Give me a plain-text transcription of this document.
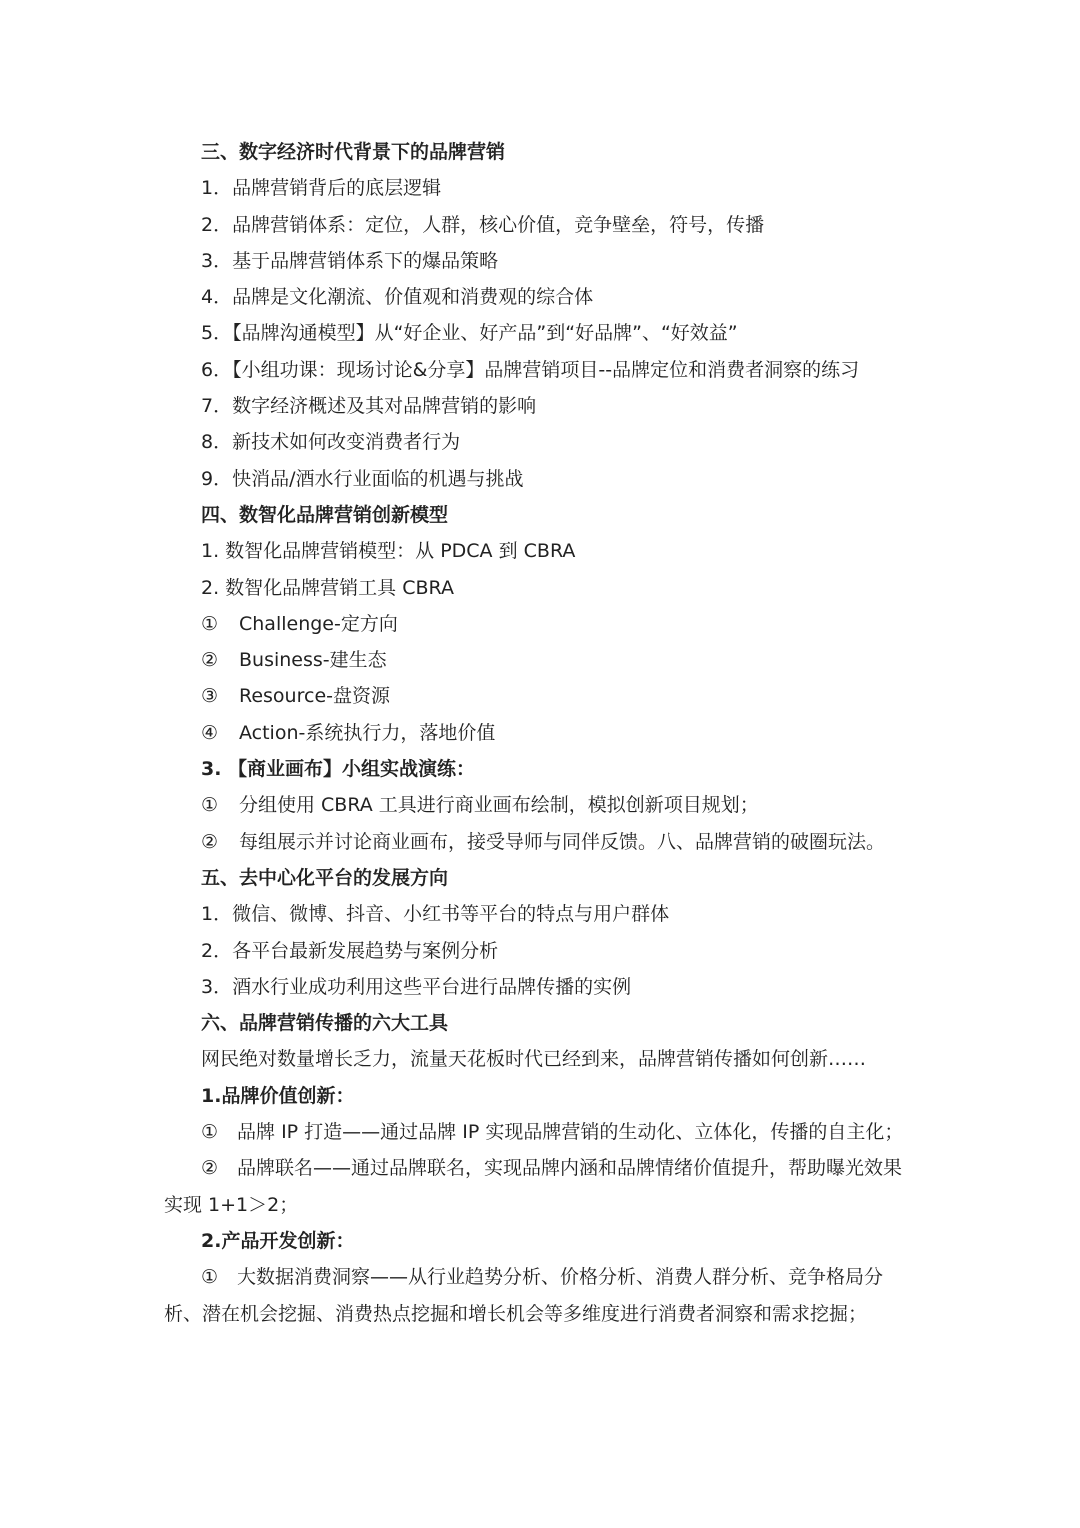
三、数字经济时代背景下的品牌营销
1．品牌营销背后的底层逻辑
2．品牌营销体系：定位，人群，核心价值，竞争壁垒，符号，传播
3．基于品牌营销体系下的爆品策略
4．品牌是文化潮流、价值观和消费观的综合体
5．【品牌沟通模型】从“好企业、好产品”到“好品牌”、“好效益”
6．【小组功课：现场讨论&分享】品牌营销项目--品牌定位和消费者洞察的练习
7．数字经济概述及其对品牌营销的影响
8．新技术如何改变消费者行为
9．快消品/酒水行业面临的机遇与挑战
四、数智化品牌营销创新模型
1. 数智化品牌营销模型：从 PDCA 到 CBRA
2. 数智化品牌营销工具 CBRA
① Challenge-定方向
② Business-建生态
③ Resource-盘资源
④ Action-系统执行力，落地价值
3. 【商业画布】小组实战演练：
① 分组使用 CBRA 工具进行商业画布绘制，模拟创新项目规划；
② 每组展示并讨论商业画布，接受导师与同伴反馈。八、品牌营销的破圈玩法。
五、去中心化平台的发展方向
1．微信、微博、抖音、小红书等平台的特点与用户群体
2．各平台最新发展趋势与案例分析
3．酒水行业成功利用这些平台进行品牌传播的实例
六、品牌营销传播的六大工具
网民绝对数量增长乏力，流量天花板时代已经到来，品牌营销传播如何创新……
1.品牌价值创新：
①　品牌 IP 打造——通过品牌 IP 实现品牌营销的生动化、立体化，传播的自主化；

②　品牌联名——通过品牌联名，实现品牌内涵和品牌情绪价值提升，帮助曝光效果实现 1+1＞2；

2.产品开发创新：

①　大数据消费洞察——从行业趋势分析、价格分析、消费人群分析、竞争格局分析、潜在机会挖掘、消费热点挖掘和增长机会等多维度进行消费者洞察和需求挖掘；
